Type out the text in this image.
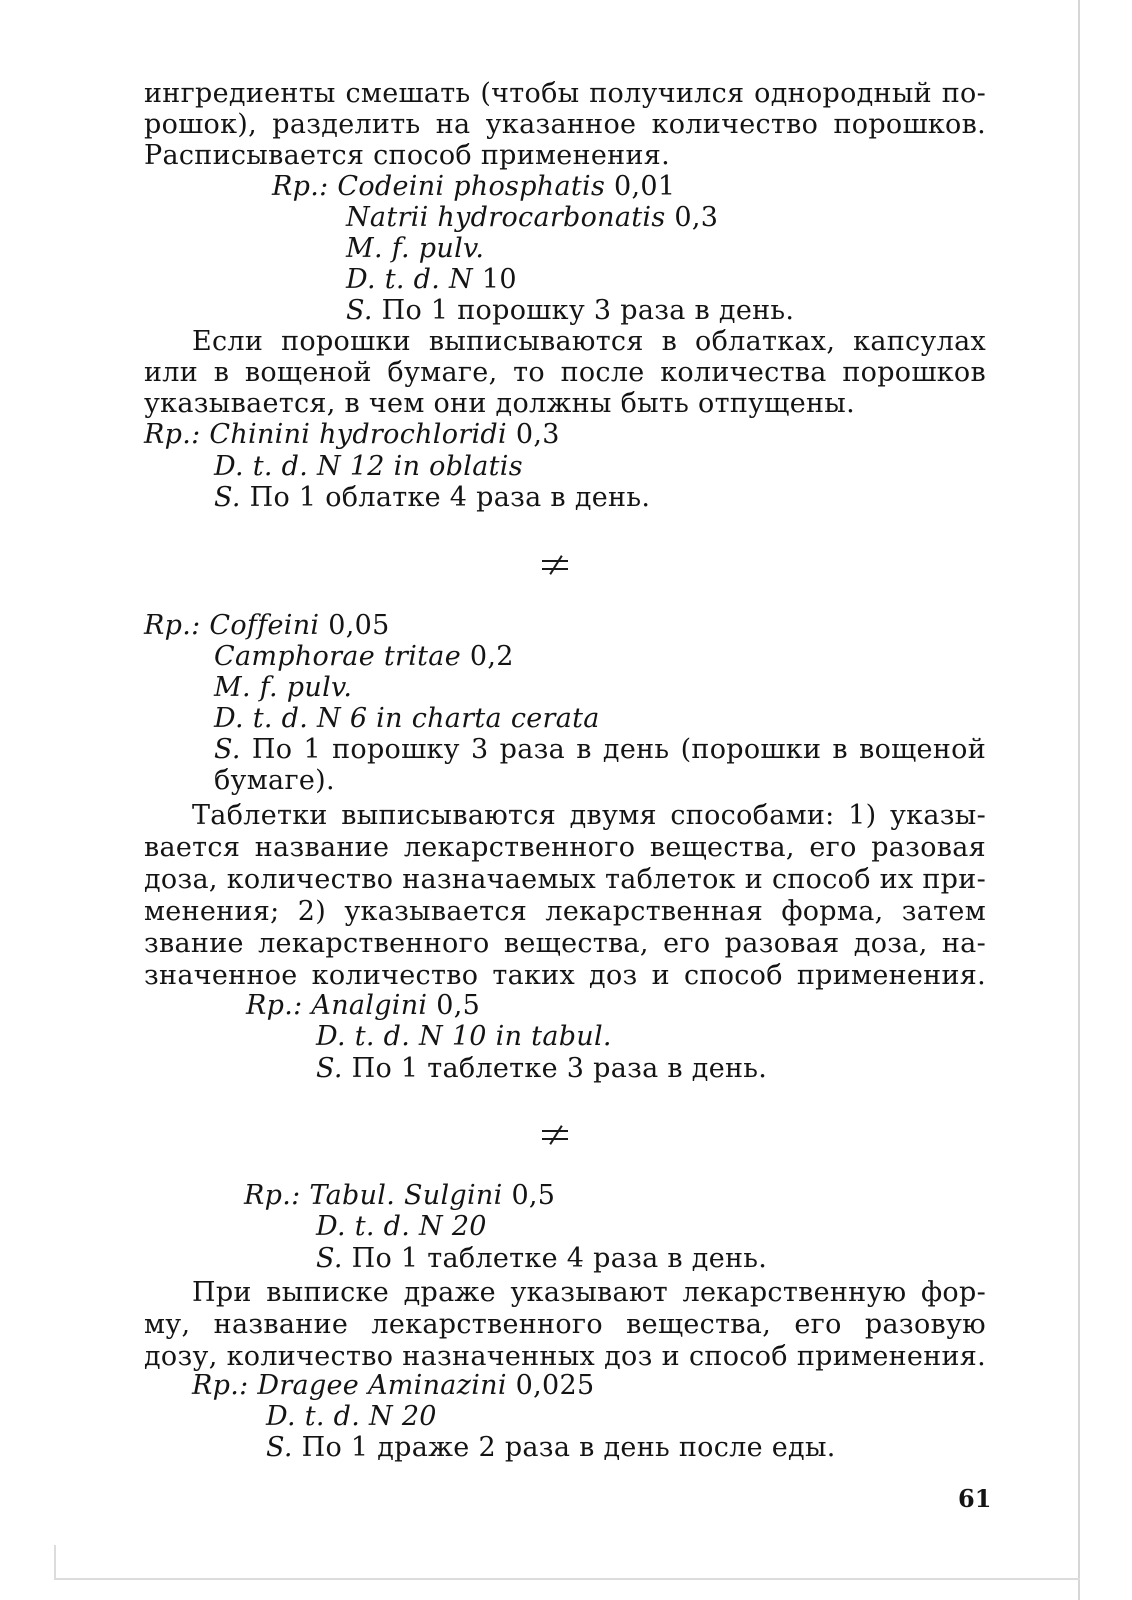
ингредиенты смешать (чтобы получился однородный по-

рошок), разделить на указанное количество порошков.

Расписывается способ применения.

Rp.: Codeini phosphatis 0,01
Natrii hydrocarbonatis 0,3
M. f. pulv.
D. t. d. N 10
S. По 1 порошку 3 раза в день.

Если порошки выписываются в облатках, капсулах

или в вощеной бумаге, то после количества порошков

указывается, в чем они должны быть отпущены.

Rp.: Chinini hydrochloridi 0,3
D. t. d. N 12 in oblatis
S. По 1 облатке 4 раза в день.
Rp.: Coffeini 0,05
Camphorae tritae 0,2
M. f. pulv.
D. t. d. N 6 in charta cerata
S. По 1 порошку 3 раза в день (порошки в вощеной
бумаге).

Таблетки выписываются двумя способами: 1) указы-

вается название лекарственного вещества, его разовая

доза, количество назначаемых таблеток и способ их при-

менения; 2) указывается лекарственная форма, затем

звание лекарственного вещества, его разовая доза, на-

значенное количество таких доз и способ применения.

Rp.: Analgini 0,5
D. t. d. N 10 in tabul.
S. По 1 таблетке 3 раза в день.
Rp.: Tabul. Sulgini 0,5
D. t. d. N 20
S. По 1 таблетке 4 раза в день.

При выписке драже указывают лекарственную фор-

му, название лекарственного вещества, его разовую

дозу, количество назначенных доз и способ применения.

Rp.: Dragee Aminazini 0,025
D. t. d. N 20
S. По 1 драже 2 раза в день после еды.
61
